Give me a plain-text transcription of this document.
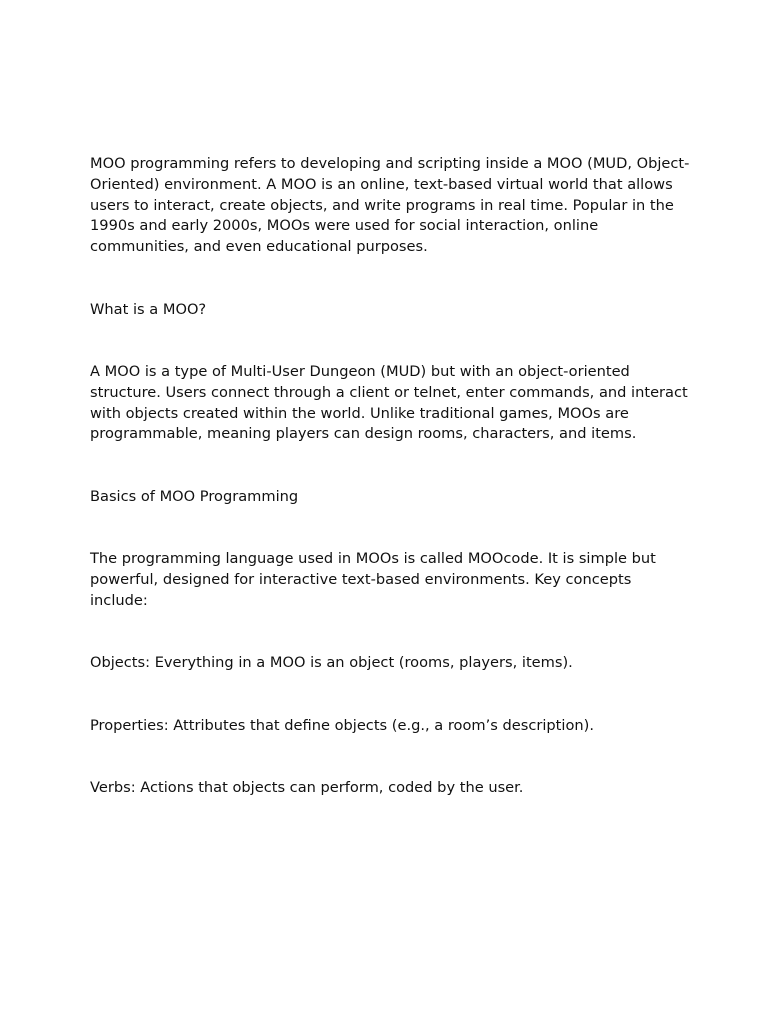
MOO programming refers to developing and scripting inside a MOO (MUD, Object-Oriented) environment. A MOO is an online, text-based virtual world that allows users to interact, create objects, and write programs in real time. Popular in the 1990s and early 2000s, MOOs were used for social interaction, online communities, and even educational purposes.

What is a MOO?

A MOO is a type of Multi-User Dungeon (MUD) but with an object-oriented structure. Users connect through a client or telnet, enter commands, and interact with objects created within the world. Unlike traditional games, MOOs are programmable, meaning players can design rooms, characters, and items.

Basics of MOO Programming

The programming language used in MOOs is called MOOcode. It is simple but powerful, designed for interactive text-based environments. Key concepts include:

Objects: Everything in a MOO is an object (rooms, players, items).

Properties: Attributes that define objects (e.g., a room’s description).

Verbs: Actions that objects can perform, coded by the user.
